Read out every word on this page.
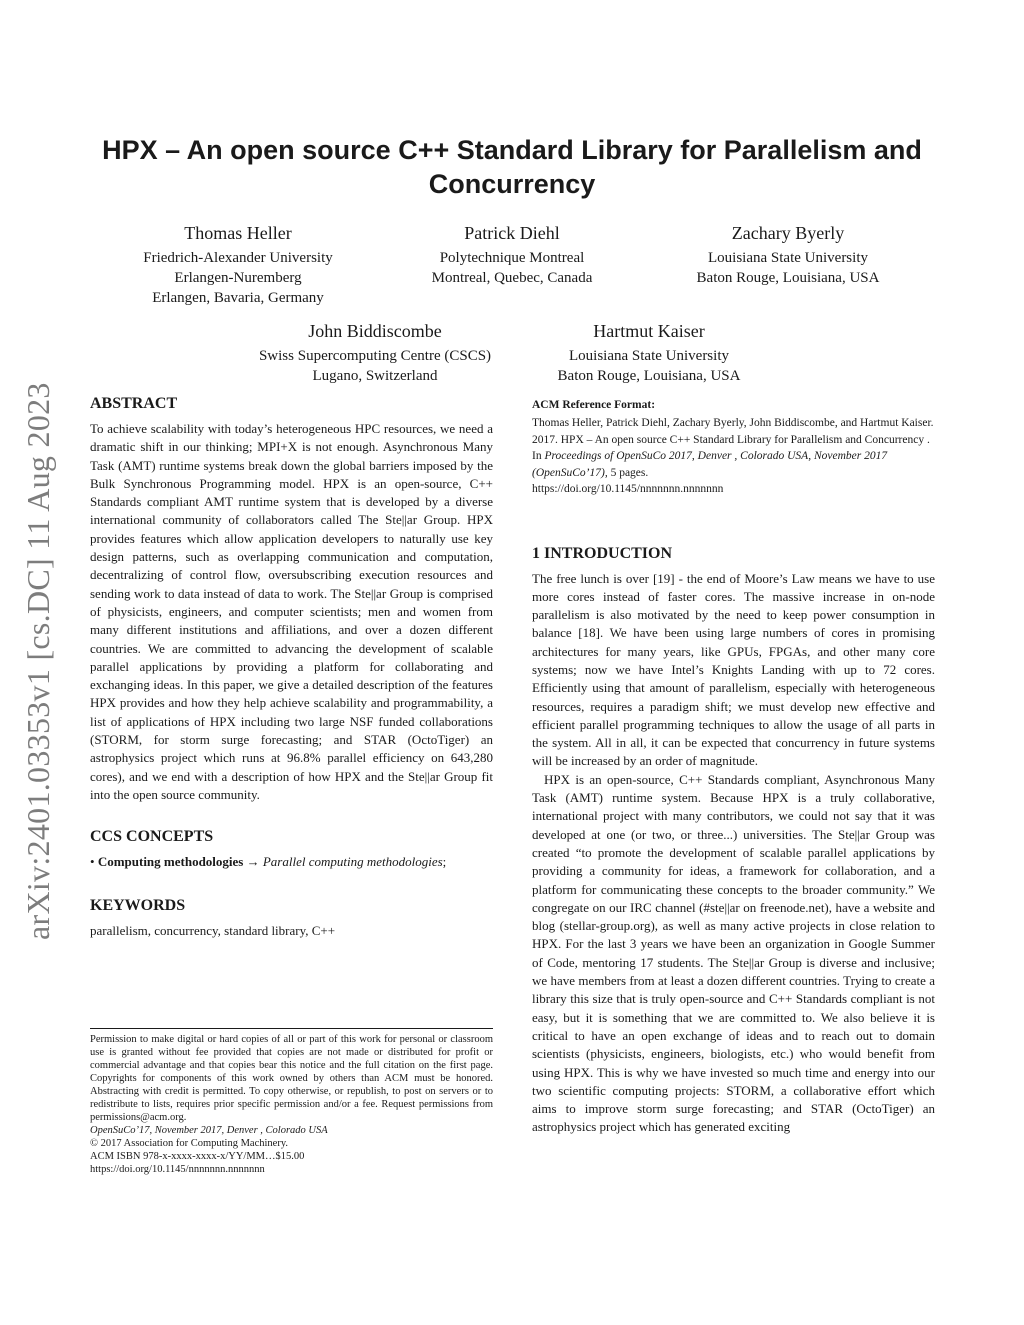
HPX – An open source C++ Standard Library for Parallelism and Concurrency
Thomas Heller
Friedrich-Alexander University
Erlangen-Nuremberg
Erlangen, Bavaria, Germany
Patrick Diehl
Polytechnique Montreal
Montreal, Quebec, Canada
Zachary Byerly
Louisiana State University
Baton Rouge, Louisiana, USA
John Biddiscombe
Swiss Supercomputing Centre (CSCS)
Lugano, Switzerland
Hartmut Kaiser
Louisiana State University
Baton Rouge, Louisiana, USA
arXiv:2401.03353v1 [cs.DC] 11 Aug 2023 ABSTRACT

To achieve scalability with today’s heterogeneous HPC resources, we need a dramatic shift in our thinking; MPI+X is not enough. Asynchronous Many Task (AMT) runtime systems break down the global barriers imposed by the Bulk Synchronous Programming model. HPX is an open-source, C++ Standards compliant AMT runtime system that is developed by a diverse international community of collaborators called The Ste||ar Group. HPX provides features which allow application developers to naturally use key design patterns, such as overlapping communication and computation, decentralizing of control flow, oversubscribing execution resources and sending work to data instead of data to work. The Ste||ar Group is comprised of physicists, engineers, and computer scientists; men and women from many different institutions and affiliations, and over a dozen different countries. We are committed to advancing the development of scalable parallel applications by providing a platform for collaborating and exchanging ideas. In this paper, we give a detailed description of the features HPX provides and how they help achieve scalability and programmability, a list of applications of HPX including two large NSF funded collaborations (STORM, for storm surge forecasting; and STAR (OctoTiger) an astrophysics project which runs at 96.8% parallel efficiency on 643,280 cores), and we end with a description of how HPX and the Ste||ar Group fit into the open source community.

CCS CONCEPTS

• Computing methodologies → Parallel computing methodologies;

KEYWORDS

parallelism, concurrency, standard library, C++

Permission to make digital or hard copies of all or part of this work for personal or classroom use is granted without fee provided that copies are not made or distributed for profit or commercial advantage and that copies bear this notice and the full citation on the first page. Copyrights for components of this work owned by others than ACM must be honored. Abstracting with credit is permitted. To copy otherwise, or republish, to post on servers or to redistribute to lists, requires prior specific permission and/or a fee. Request permissions from permissions@acm.org.

OpenSuCo’17, November 2017, Denver , Colorado USA

© 2017 Association for Computing Machinery.

ACM ISBN 978-x-xxxx-xxxx-x/YY/MM…$15.00

https://doi.org/10.1145/nnnnnnn.nnnnnnn

ACM Reference Format:

Thomas Heller, Patrick Diehl, Zachary Byerly, John Biddiscombe, and Hartmut Kaiser. 2017. HPX – An open source C++ Standard Library for Parallelism and Concurrency . In Proceedings of OpenSuCo 2017, Denver , Colorado USA, November 2017 (OpenSuCo’17), 5 pages.

https://doi.org/10.1145/nnnnnnn.nnnnnnn

1 INTRODUCTION

The free lunch is over [19] - the end of Moore’s Law means we have to use more cores instead of faster cores. The massive increase in on-node parallelism is also motivated by the need to keep power consumption in balance [18]. We have been using large numbers of cores in promising architectures for many years, like GPUs, FPGAs, and other many core systems; now we have Intel’s Knights Landing with up to 72 cores. Efficiently using that amount of parallelism, especially with heterogeneous resources, requires a paradigm shift; we must develop new effective and efficient parallel programming techniques to allow the usage of all parts in the system. All in all, it can be expected that concurrency in future systems will be increased by an order of magnitude.

HPX is an open-source, C++ Standards compliant, Asynchronous Many Task (AMT) runtime system. Because HPX is a truly collaborative, international project with many contributors, we could not say that it was developed at one (or two, or three...) universities. The Ste||ar Group was created “to promote the development of scalable parallel applications by providing a community for ideas, a framework for collaboration, and a platform for communicating these concepts to the broader community.” We congregate on our IRC channel (#ste||ar on freenode.net), have a website and blog (stellar-group.org), as well as many active projects in close relation to HPX. For the last 3 years we have been an organization in Google Summer of Code, mentoring 17 students. The Ste||ar Group is diverse and inclusive; we have members from at least a dozen different countries. Trying to create a library this size that is truly open-source and C++ Standards compliant is not easy, but it is something that we are committed to. We also believe it is critical to have an open exchange of ideas and to reach out to domain scientists (physicists, engineers, biologists, etc.) who would benefit from using HPX. This is why we have invested so much time and energy into our two scientific computing projects: STORM, a collaborative effort which aims to improve storm surge forecasting; and STAR (OctoTiger) an astrophysics project which has generated exciting
